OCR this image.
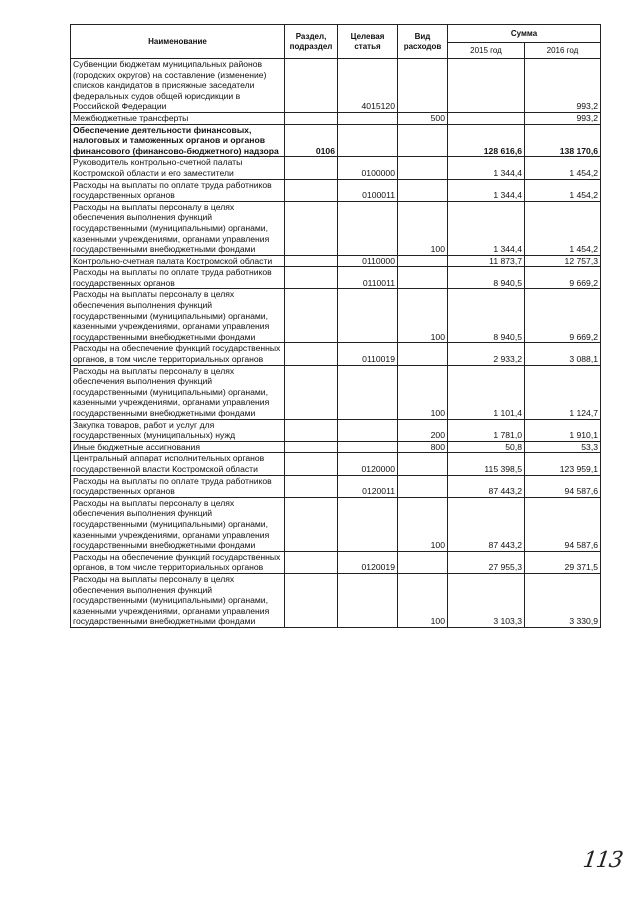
Наименование	Раздел, подраздел	Целевая статья	Вид расходов	Сумма	
				2015 год	2016 год
Субвенции бюджетам муниципальных районов (городских округов) на составление (изменение) списков кандидатов в присяжные заседатели федеральных судов общей юрисдикции в Российской Федерации		4015120			993,2
Межбюджетные трансферты			500		993,2
Обеспечение деятельности финансовых, налоговых и таможенных органов и органов финансового (финансово-бюджетного) надзора	0106			128 616,6	138 170,6
Руководитель контрольно-счетной палаты Костромской области и его заместители		0100000		1 344,4	1 454,2
Расходы на выплаты по оплате труда работников государственных органов		0100011		1 344,4	1 454,2
Расходы на выплаты персоналу в целях обеспечения выполнения функций государственными (муниципальными) органами, казенными учреждениями, органами управления государственными внебюджетными фондами			100	1 344,4	1 454,2
Контрольно-счетная палата Костромской области		0110000		11 873,7	12 757,3
Расходы на выплаты по оплате труда работников государственных органов		0110011		8 940,5	9 669,2
Расходы на выплаты персоналу в целях обеспечения выполнения функций государственными (муниципальными) органами, казенными учреждениями, органами управления государственными внебюджетными фондами			100	8 940,5	9 669,2
Расходы на обеспечение функций государственных органов, в том числе территориальных органов		0110019		2 933,2	3 088,1
Расходы на выплаты персоналу в целях обеспечения выполнения функций государственными (муниципальными) органами, казенными учреждениями, органами управления государственными внебюджетными фондами			100	1 101,4	1 124,7
Закупка товаров, работ и услуг для государственных (муниципальных) нужд			200	1 781,0	1 910,1
Иные бюджетные ассигнования			800	50,8	53,3
Центральный аппарат исполнительных органов государственной власти Костромской области		0120000		115 398,5	123 959,1
Расходы на выплаты по оплате труда работников государственных органов		0120011		87 443,2	94 587,6
Расходы на выплаты персоналу в целях обеспечения выполнения функций государственными (муниципальными) органами, казенными учреждениями, органами управления государственными внебюджетными фондами			100	87 443,2	94 587,6
Расходы на обеспечение функций государственных органов, в том числе территориальных органов		0120019		27 955,3	29 371,5
Расходы на выплаты персоналу в целях обеспечения выполнения функций государственными (муниципальными) органами, казенными учреждениями, органами управления государственными внебюджетными фондами			100	3 103,3	3 330,9
113
